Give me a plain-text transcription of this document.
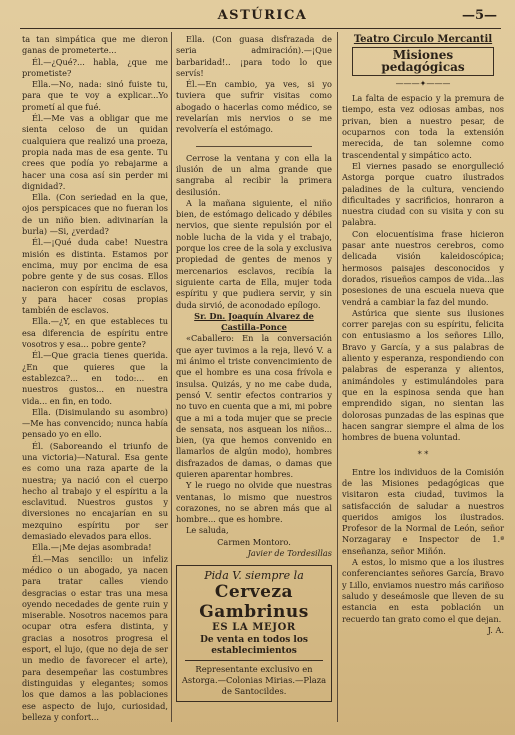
ASTÚRICA	—5—

ta tan simpática que me dieron ganas de prometerte...

Él.—¿Qué?... habla, ¿que me prometiste?

Ella.—No, nada: sinó fuiste tu, para que te voy a explicar...Yo prometí al que fué.

Él.—Me vas a obligar que me sienta celoso de un quidan cualquiera que realizó una proeza, propia nada mas de esa gente. Tu crees que podía yo rebajarme a hacer una cosa así sin perder mi dignidad?.

Ella. (Con seriedad en la que, ojos perspicaces que no fueran los de un niño bien. adivinarían la burla) —Si, ¿verdad?

Él.—¡Qué duda cabe! Nuestra misión es distinta. Estamos por encima, muy por encima de esa pobre gente y de sus cosas. Ellos nacieron con espíritu de esclavos, y para hacer cosas propias también de esclavos.

Ella.—¿Y, en que estableces tu esa diferencia de espíritu entre vosotros y esa... pobre gente?

Él.—Que gracia tienes querida. ¿En que quieres que la establezca?... en todo:... en nuestros gustos... en nuestra vida... en fin, en todo.

Ella. (Disimulando su asombro) —Me has convencido; nunca había pensado yo en ello.

Él. (Saboreando el triunfo de una victoria)—Natural. Esa gente es como una raza aparte de la nuestra; ya nació con el cuerpo hecho al trabajo y el espíritu a la esclavitud. Nuestros gustos y diversiones no encajarían en su mezquino espíritu por ser demasiado elevados para ellos.

Ella.—¡Me dejas asombrada!

Él.—Mas sencillo: un infeliz médico o un abogado, ya nacen para tratar calles viendo desgracias o estar tras una mesa oyendo necedades de gente ruin y miserable. Nosotros nacemos para ocupar otra esfera distinta, y gracias a nosotros progresa el esport, el lujo, (que no deja de ser un medio de favorecer el arte), para desempeñar las costumbres distinguidas y elegantes; somos los que damos a las poblaciones ese aspecto de lujo, curiosidad, belleza y confort...

Ella. (Con guasa disfrazada de seria admiración).—¡Que barbaridad!.. ¡para todo lo que servís!

Él.—En cambio, ya ves, si yo tuviera que sufrir visitas como abogado o hacerlas como médico, se revelarían mis nervios o se me revolvería el estómago.

Cerrose la ventana y con ella la ilusión de un alma grande que sangraba al recibir la primera desilusión.

A la mañana siguiente, el niño bien, de estómago delicado y débiles nervios, que siente repulsión por el noble lucha de la vida y el trabajo, porque los cree de la sola y exclusiva propiedad de gentes de menos y mercenarios esclavos, recibía la siguiente carta de Ella, mujer toda espíritu y que pudiera servir, y sin duda sirvió, de aconodado epílogo.

Sr. Dn. Joaquín Alvarez de Castilla-Ponce

«Caballero: En la conversación que ayer tuvimos a la reja, llevó V. a mi ánimo el triste convencimiento de que el hombre es una cosa frívola e insulsa. Quizás, y no me cabe duda, pensó V. sentir efectos contrarios y no tuvo en cuenta que a mi, mi pobre que a mi a toda mujer que se precie de sensata, nos asquean los niños... bien, (ya que hemos convenido en llamarlos de algún modo), hombres disfrazados de damas, o damas que quieren aparentar hombres.

Y le ruego no olvide que nuestras ventanas, lo mismo que nuestros corazones, no se abren más que al hombre... que es hombre.

Le saluda,

Carmen Montoro.

Javier de Tordesillas

Pida V. siempre la
Cerveza Gambrinus
ES LA MEJOR
De venta en todos los establecimientos
Representante exclusivo en Astorga.—Colonias Mirias.—Plaza de Santocildes.
Teatro Circulo Mercantil
Misiones pedagógicas
———✦———

La falta de espacio y la premura de tiempo, esta vez odiosas ambas, nos privan, bien a nuestro pesar, de ocuparnos con toda la extensión merecida, de tan solemne como trascendental y simpático acto.

El viernes pasado se enorgulleció Astorga porque cuatro ilustrados paladines de la cultura, venciendo dificultades y sacrificios, honraron a nuestra ciudad con su visita y con su palabra.

Con elocuentísima frase hicieron pasar ante nuestros cerebros, como delicada visión kaleidoscópica; hermosos paisajes desconocidos y dorados, risueños campos de vida...las posesiones de una escuela nueva que vendrá a cambiar la faz del mundo.

Astúrica que siente sus ilusiones correr parejas con su espíritu, felicita con entusiasmo a los señores Lillo, Bravo y García, y a sus palabras de aliento y esperanza, respondiendo con palabras de esperanza y alientos, animándoles y estimulándoles para que en la espinosa senda que han emprendido sigan, no sientan las dolorosas punzadas de las espinas que hacen sangrar siempre el alma de los hombres de buena voluntad.

* *

Entre los individuos de la Comisión de las Misiones pedagógicas que visitaron esta ciudad, tuvimos la satisfacción de saludar a nuestros queridos amigos los ilustrados. Profesor de la Normal de León, señor Norzagaray e Inspector de 1.ª enseñanza, señor Miñón.

A estos, lo mismo que a los ilustres conferenciantes señores García, Bravo y Lillo, enviamos nuestro más cariñoso saludo y deseámosle que lleven de su estancia en esta población un recuerdo tan grato como el que dejan.

J. A.
